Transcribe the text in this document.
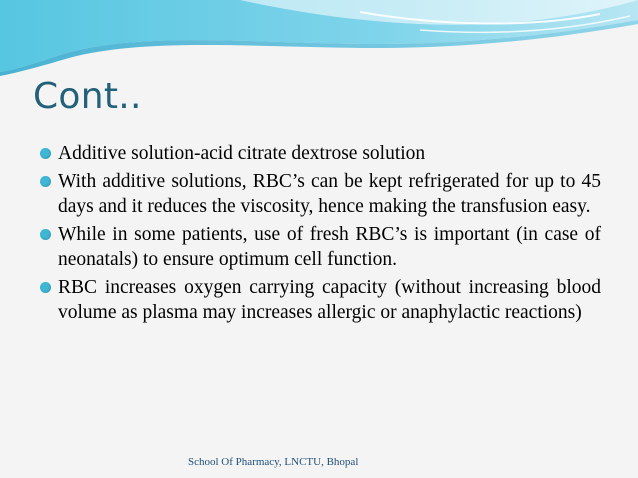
Cont..
Additive solution-acid citrate dextrose solution
With additive solutions, RBC’s can be kept refrigerated for up to 45 days and it reduces the viscosity, hence making the transfusion easy.
While in some patients, use of fresh RBC’s is important (in case of neonatals) to ensure optimum cell function.
RBC increases oxygen carrying capacity (without increasing blood volume as plasma may increases allergic or anaphylactic reactions)
School Of Pharmacy, LNCTU, Bhopal
